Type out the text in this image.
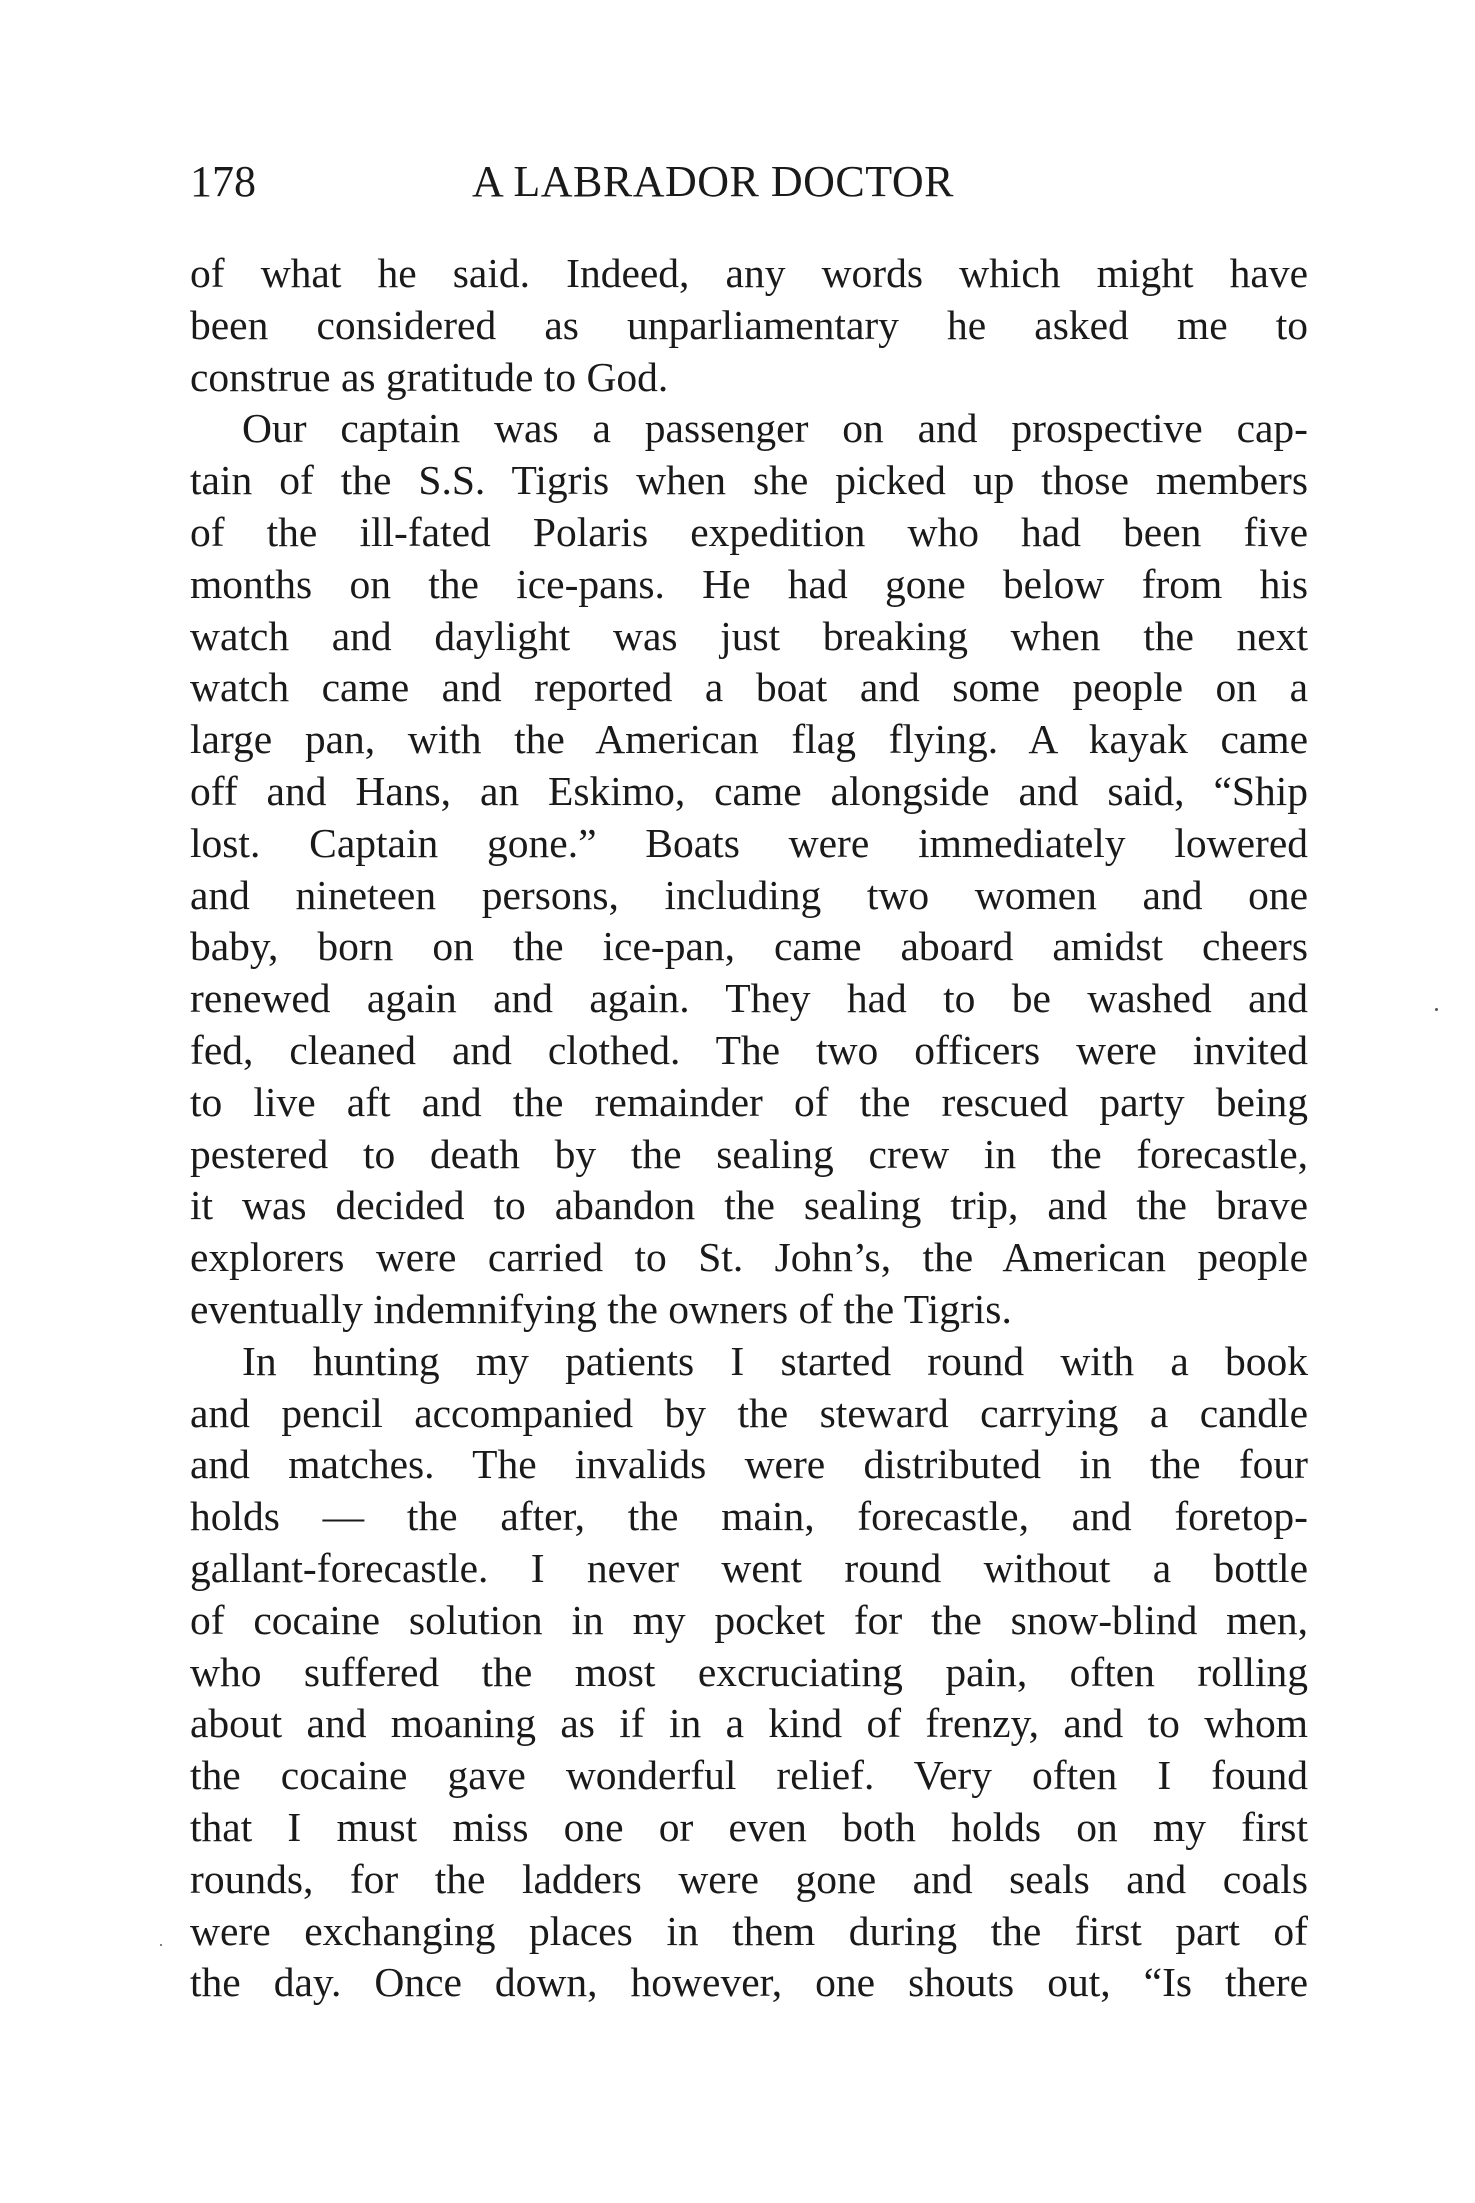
178	A LABRADOR DOCTOR
of what he said. Indeed, any words which might have
been considered as unparliamentary he asked me to
construe as gratitude to God.
Our captain was a passenger on and prospective cap-
tain of the S.S. Tigris when she picked up those members
of the ill-fated Polaris expedition who had been five
months on the ice-pans. He had gone below from his
watch and daylight was just breaking when the next
watch came and reported a boat and some people on a
large pan, with the American flag flying. A kayak came
off and Hans, an Eskimo, came alongside and said, “Ship
lost. Captain gone.” Boats were immediately lowered
and nineteen persons, including two women and one
baby, born on the ice-pan, came aboard amidst cheers
renewed again and again. They had to be washed and
fed, cleaned and clothed. The two officers were invited
to live aft and the remainder of the rescued party being
pestered to death by the sealing crew in the forecastle,
it was decided to abandon the sealing trip, and the brave
explorers were carried to St. John’s, the American people
eventually indemnifying the owners of the Tigris.
In hunting my patients I started round with a book
and pencil accompanied by the steward carrying a candle
and matches. The invalids were distributed in the four
holds — the after, the main, forecastle, and foretop-
gallant-forecastle. I never went round without a bottle
of cocaine solution in my pocket for the snow-blind men,
who suffered the most excruciating pain, often rolling
about and moaning as if in a kind of frenzy, and to whom
the cocaine gave wonderful relief. Very often I found
that I must miss one or even both holds on my first
rounds, for the ladders were gone and seals and coals
were exchanging places in them during the first part of
the day. Once down, however, one shouts out, “Is there
